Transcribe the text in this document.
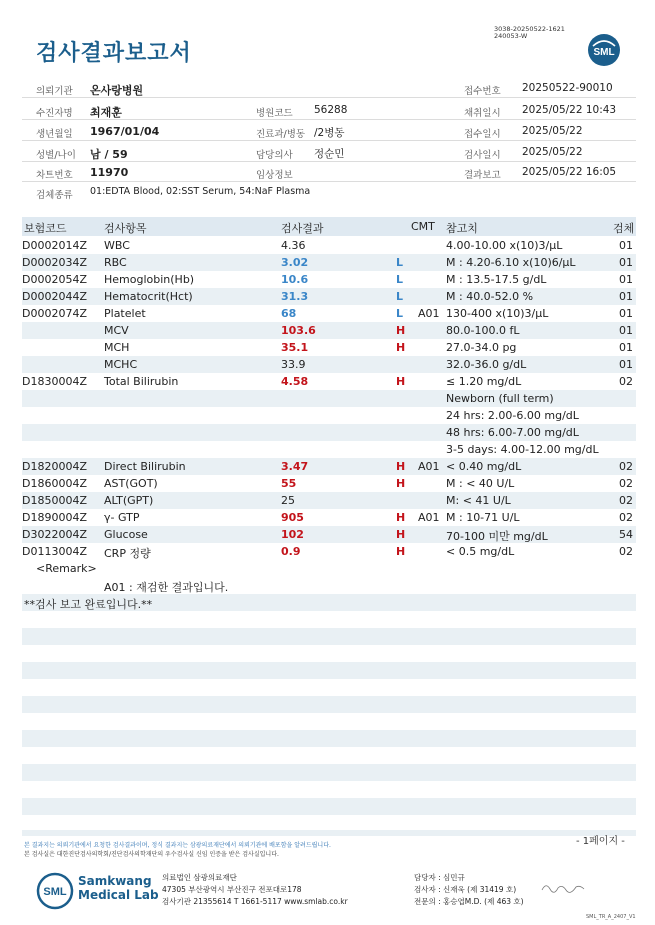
검사결과보고서
3038-20250522-1621
240053-W
SML
의뢰기관 온사랑병원	접수번호 20250522-90010
수진자명 최재훈	병원코드 56288	채취일시 2025/05/22 10:43
생년월일 1967/01/04	진료과/병동 /2병동	접수일시 2025/05/22
성별/나이 남 / 59	담당의사 정순민	검사일시 2025/05/22
차트번호 11970	임상정보	결과보고 2025/05/22 16:05
검체종류 01:EDTA Blood, 02:SST Serum, 54:NaF Plasma
보험코드	검사항목	검사결과	CMT 참고치	검체
D0002014Z WBC	4.36	4.00-10.00 x(10)3/μL	01
D0002034Z RBC	3.02	L	M : 4.20-6.10 x(10)6/μL	01
D0002054Z Hemoglobin(Hb)	10.6	L	M : 13.5-17.5 g/dL	01
D0002044Z Hematocrit(Hct)	31.3	L	M : 40.0-52.0 %	01
D0002074Z Platelet	68	L A01 130-400 x(10)3/μL	01
MCV	103.6	H	80.0-100.0 fL	01
MCH	35.1	H	27.0-34.0 pg	01
MCHC	33.9	32.0-36.0 g/dL	01
D1830004Z Total Bilirubin	4.58	H	≤ 1.20 mg/dL	02
Newborn (full term)
24 hrs: 2.00-6.00 mg/dL
48 hrs: 6.00-7.00 mg/dL
3-5 days: 4.00-12.00 mg/dL
D1820004Z Direct Bilirubin	3.47	H A01 < 0.40 mg/dL	02
D1860004Z AST(GOT)	55	H	M : < 40 U/L	02
D1850004Z ALT(GPT)	25	M: < 41 U/L	02
D1890004Z γ- GTP	905	H A01 M : 10-71 U/L	02
D3022004Z Glucose	102	H	70-100 미만 mg/dL	54
D0113004Z CRP 정량	0.9	H	< 0.5 mg/dL	02
<Remark>
A01 : 재검한 결과입니다.
**검사 보고 완료입니다.**
본 결과지는 의뢰기관에서 요청한 검사결과이며, 정식 결과지는 삼광의료재단에서 의뢰기관에 배포함을 알려드립니다.
본 검사실은 대한진단검사의학회/진단검사의학재단의 우수검사실 신임 인증을 받은 검사실입니다.
- 1페이지 -
SML
Samkwang
Medical Lab
의료법인 삼광의료재단
47305 부산광역시 부산진구 전포대로178
검사기관 21355614 T 1661-5117 www.smlab.co.kr
담당자 : 심민규
검사자 : 신재욱 (제 31419 호)
전문의 : 홍승엽M.D. (제 463 호)
SML_TR_A_2407_V1
